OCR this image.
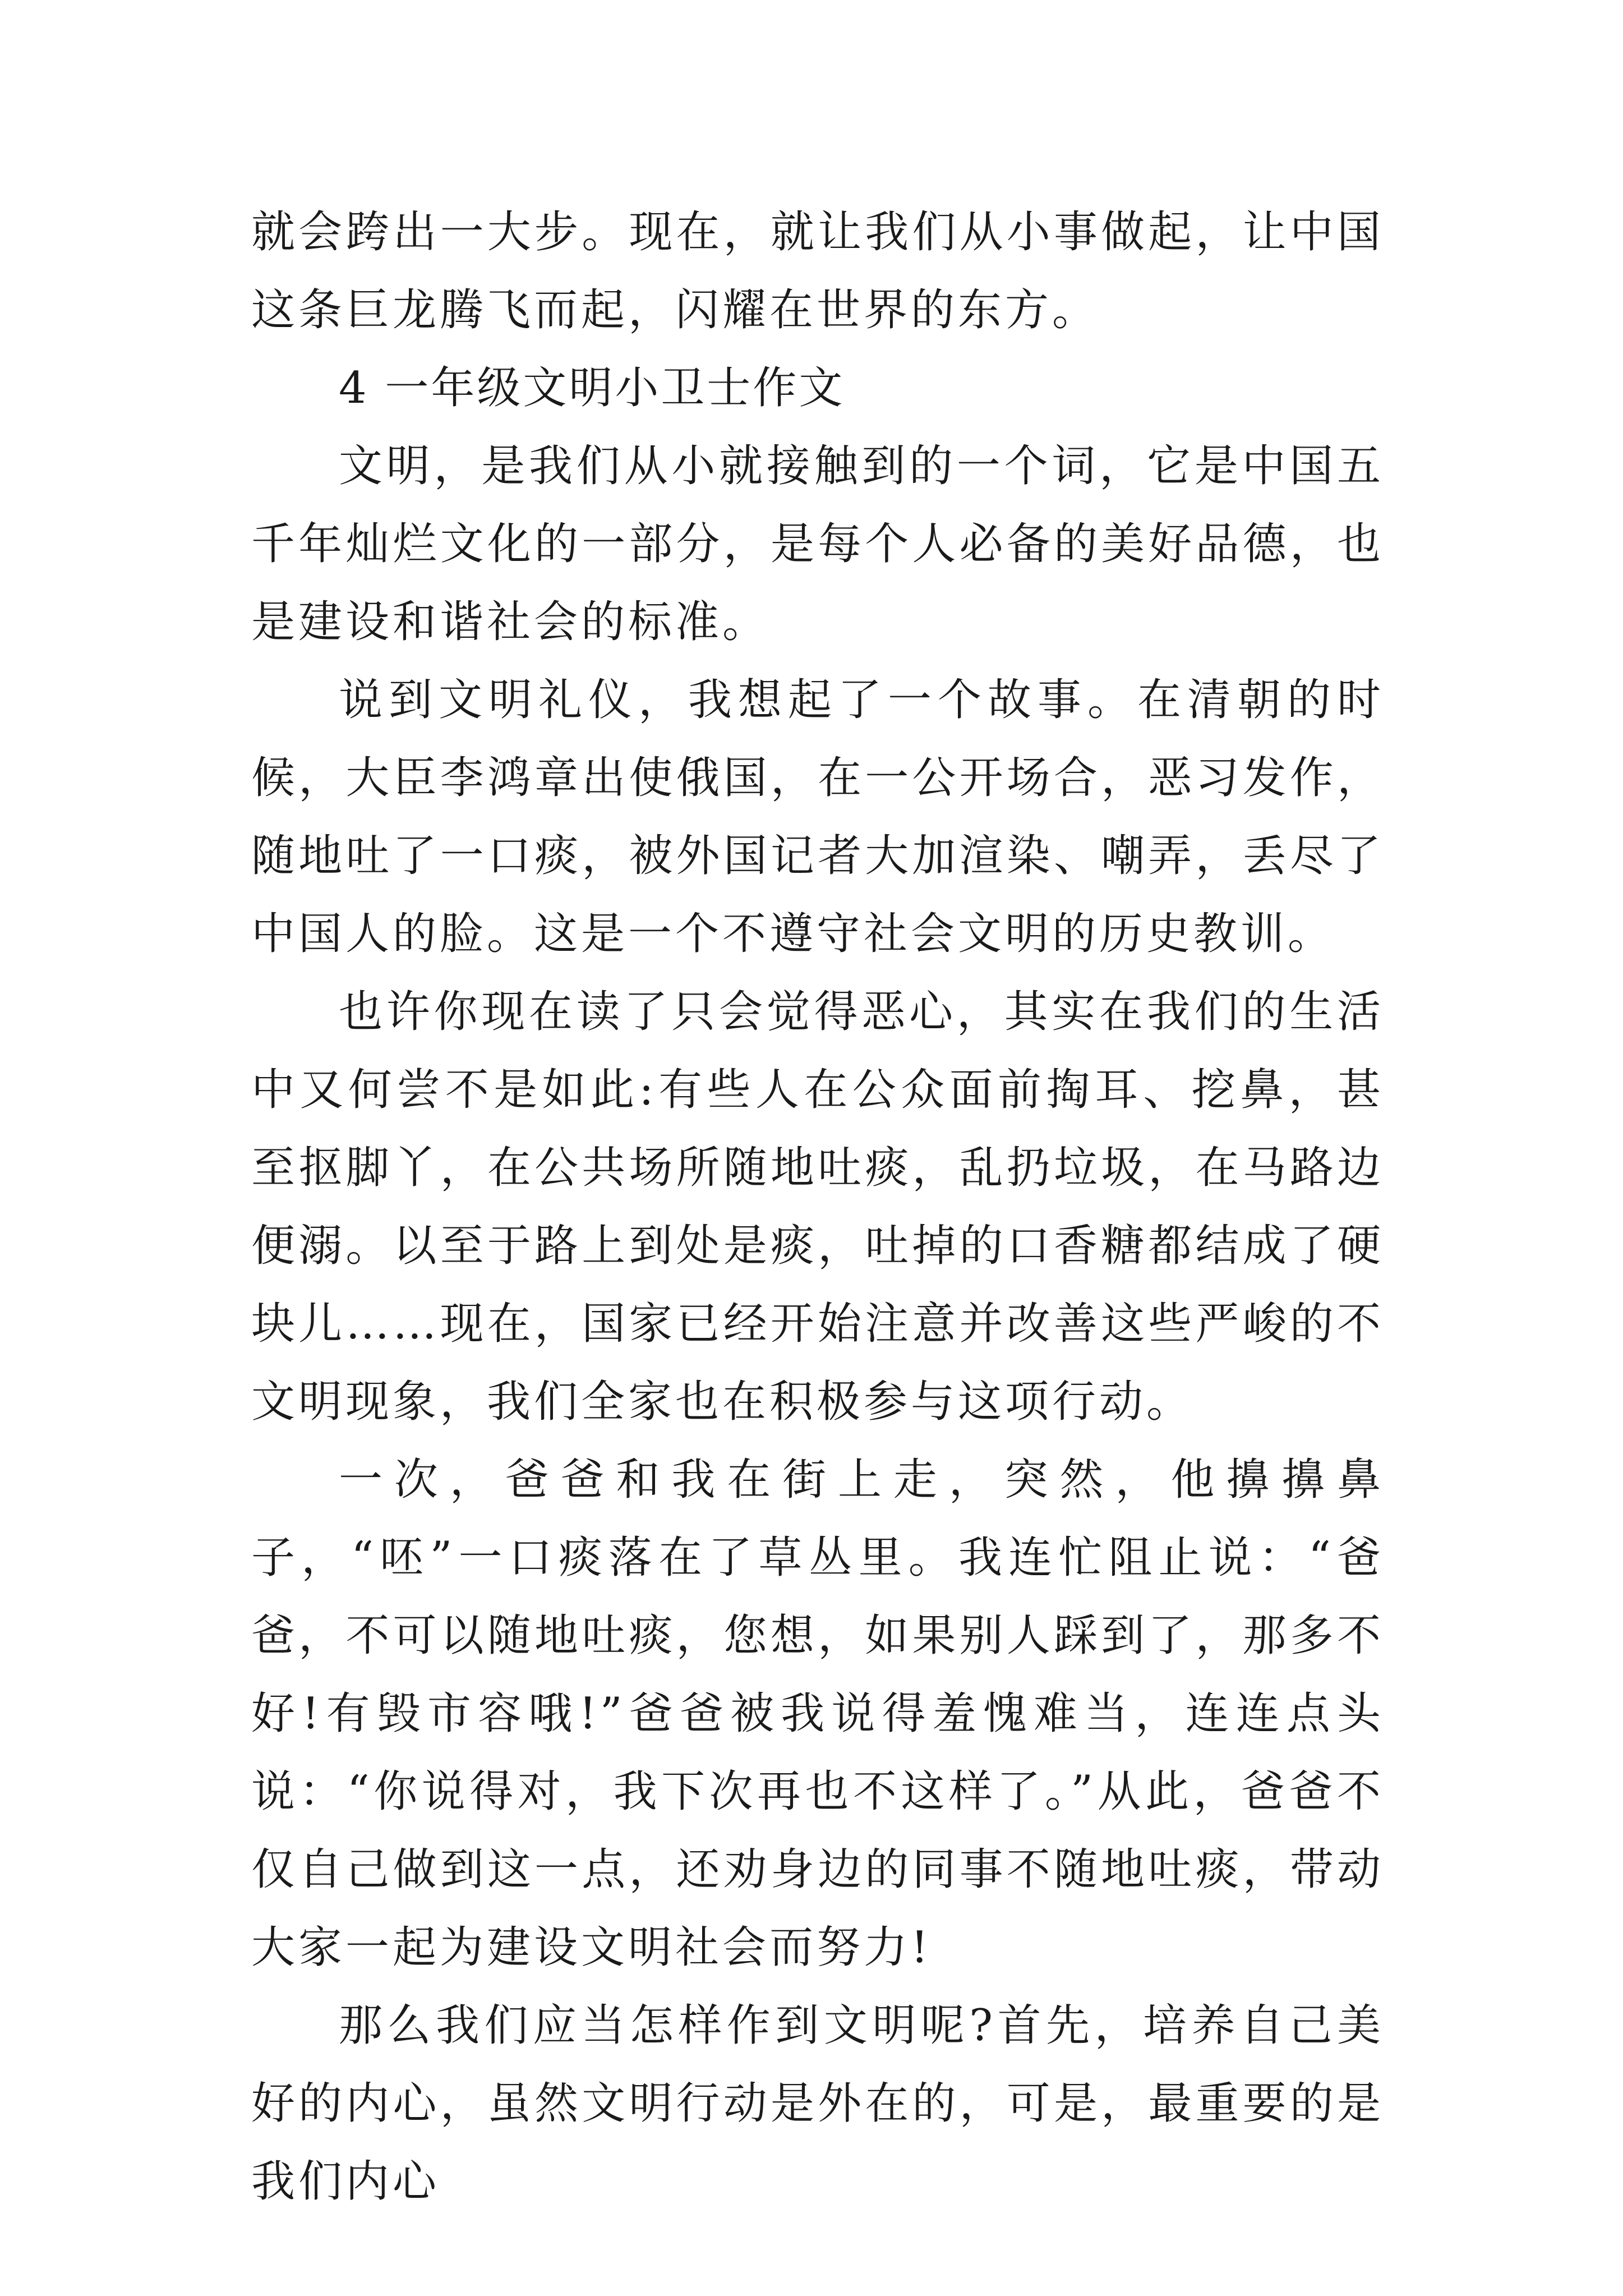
就会跨出一大步。现在，就让我们从小事做起，让中国这条巨龙腾飞而起，闪耀在世界的东方。

4 一年级文明小卫士作文

文明，是我们从小就接触到的一个词，它是中国五千年灿烂文化的一部分，是每个人必备的美好品德，也是建设和谐社会的标准。

说到文明礼仪，我想起了一个故事。在清朝的时候，大臣李鸿章出使俄国，在一公开场合，恶习发作，随地吐了一口痰，被外国记者大加渲染、嘲弄，丢尽了中国人的脸。这是一个不遵守社会文明的历史教训。

也许你现在读了只会觉得恶心，其实在我们的生活中又何尝不是如此:有些人在公众面前掏耳、挖鼻，甚至抠脚丫，在公共场所随地吐痰，乱扔垃圾，在马路边便溺。以至于路上到处是痰，吐掉的口香糖都结成了硬块儿……现在，国家已经开始注意并改善这些严峻的不文明现象，我们全家也在积极参与这项行动。

一次，爸爸和我在街上走，突然，他擤擤鼻子，“呸”一口痰落在了草丛里。我连忙阻止说：“爸爸，不可以随地吐痰，您想，如果别人踩到了，那多不好!有毁市容哦!”爸爸被我说得羞愧难当，连连点头说：“你说得对，我下次再也不这样了。”从此，爸爸不仅自己做到这一点，还劝身边的同事不随地吐痰，带动大家一起为建设文明社会而努力!

那么我们应当怎样作到文明呢?首先，培养自己美好的内心，虽然文明行动是外在的，可是，最重要的是我们内心
